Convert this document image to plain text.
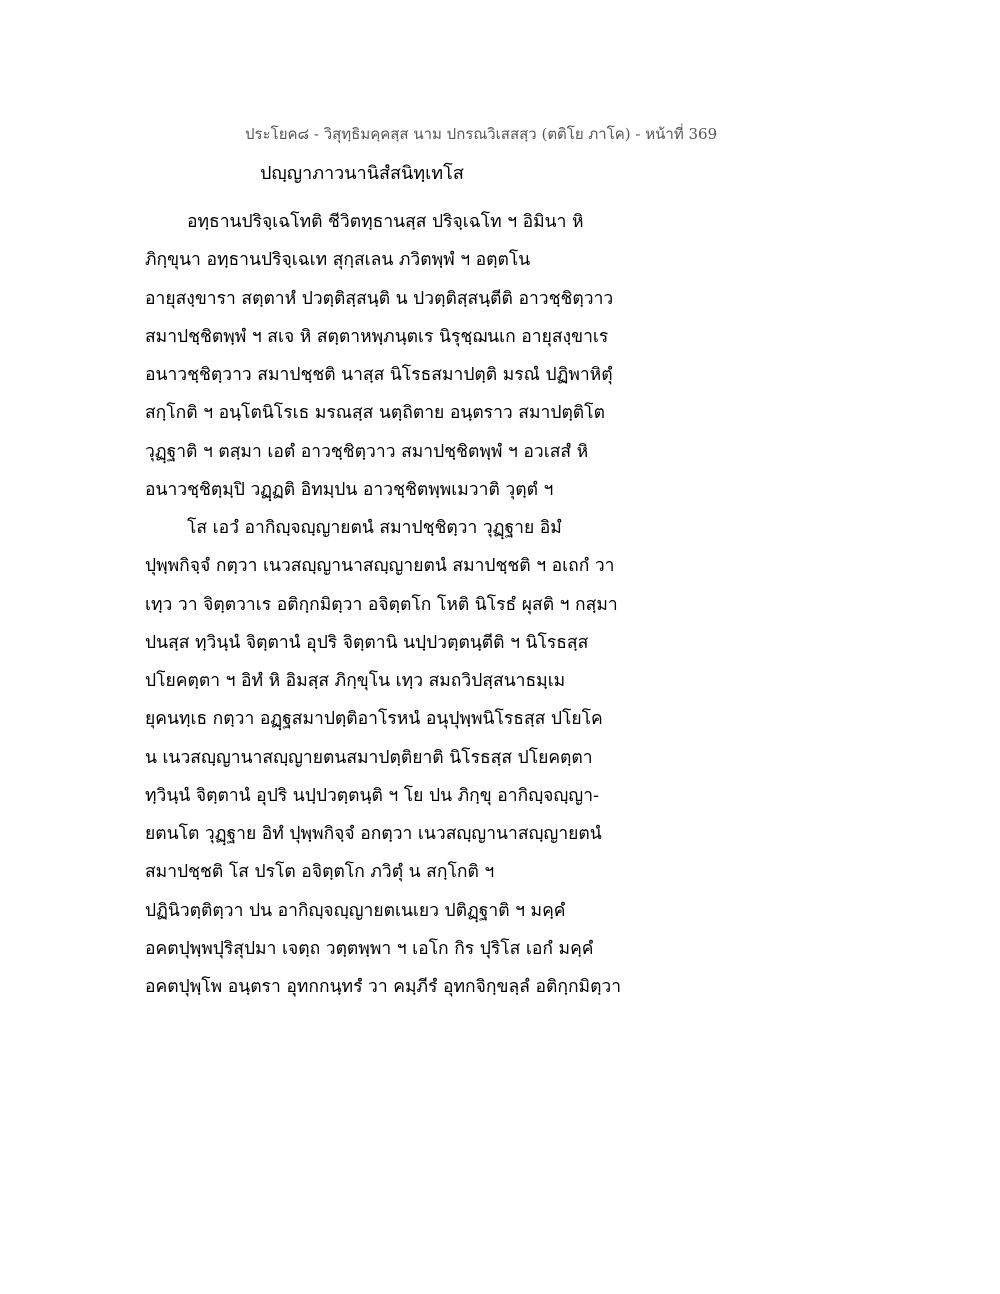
ประโยค๘ - วิสุทฺธิมคฺคสฺส นาม ปกรณวิเสสสฺว (ตติโย ภาโค) - หน้าที่ 369
ปญฺญาภาวนานิสํสนิทฺเทโส
อทฺธานปริจฺเฉโทติ ชีวิตทฺธานสฺส ปริจฺเฉโท ฯ อิมินา หิ
ภิกฺขุนา อทฺธานปริจฺเฉเท สุกฺสเลน ภวิตพฺพํ ฯ อตฺตโน
อายุสงฺขารา สตฺตาหํ ปวตฺติสฺสนฺติ น ปวตฺติสฺสนฺตีติ อาวชฺชิตฺวาว
สมาปชฺชิตพฺพํ ฯ สเจ หิ สตฺตาหพฺภนฺตเร นิรุชฺฌนเก อายุสงฺขาเร
อนาวชฺชิตฺวาว สมาปชฺชติ นาสฺส นิโรธสมาปตฺติ มรณํ ปฏิพาหิตุํ
สกฺโกติ ฯ อนฺโตนิโรเธ มรณสฺส นตฺถิตาย อนฺตราว สมาปตฺติโต
วุฏฺฐาติ ฯ ตสฺมา เอตํ อาวชฺชิตฺวาว สมาปชฺชิตพฺพํ ฯ อวเสสํ หิ
อนาวชฺชิตฺมฺปิ วฏฺฏติ อิทมฺปน อาวชฺชิตพฺพเมวาติ วุตฺตํ ฯ
โส เอวํ อากิญฺจญฺญายตนํ สมาปชฺชิตฺวา วุฏฺฐาย อิมํ
ปุพฺพกิจฺจํ กตฺวา เนวสญฺญานาสญฺญายตนํ สมาปชฺชติ ฯ อเถกํ วา
เทฺว วา จิตฺตวาเร อติกฺกมิตฺวา อจิตฺตโก โหติ นิโรธํ ผุสติ ฯ กสฺมา
ปนสฺส ทฺวินฺนํ จิตฺตานํ อุปริ จิตฺตานิ นปฺปวตฺตนฺตีติ ฯ นิโรธสฺส
ปโยคตฺตา ฯ อิทํ หิ อิมสฺส ภิกฺขุโน เทฺว สมถวิปสฺสนาธมฺเม
ยุคนทฺเธ กตฺวา อฏฺฐสมาปตฺติอาโรหนํ อนุปุพฺพนิโรธสฺส ปโยโค
น เนวสญฺญานาสญฺญายตนสมาปตฺติยาติ นิโรธสฺส ปโยคตฺตา
ทฺวินฺนํ จิตฺตานํ อุปริ นปฺปวตฺตนฺติ ฯ โย ปน ภิกฺขุ อากิญฺจญฺญา-
ยตนโต วุฏฺฐาย อิทํ ปุพฺพกิจฺจํ อกตฺวา เนวสญฺญานาสญฺญายตนํ
สมาปชฺชติ โส ปรโต อจิตฺตโก ภวิตุํ น สกฺโกติ ฯ
ปฏินิวตฺติตฺวา ปน อากิญฺจญฺญายตเนเยว ปติฏฺฐาติ ฯ มคฺคํ
อคตปุพฺพปุริสุปมา เจตฺถ วตฺตพฺพา ฯ เอโก กิร ปุริโส เอกํ มคฺคํ
อคตปุพฺโพ อนฺตรา อุทกกนฺทรํ วา คมฺภีรํ อุทกจิกฺขลฺลํ อติกฺกมิตฺวา
